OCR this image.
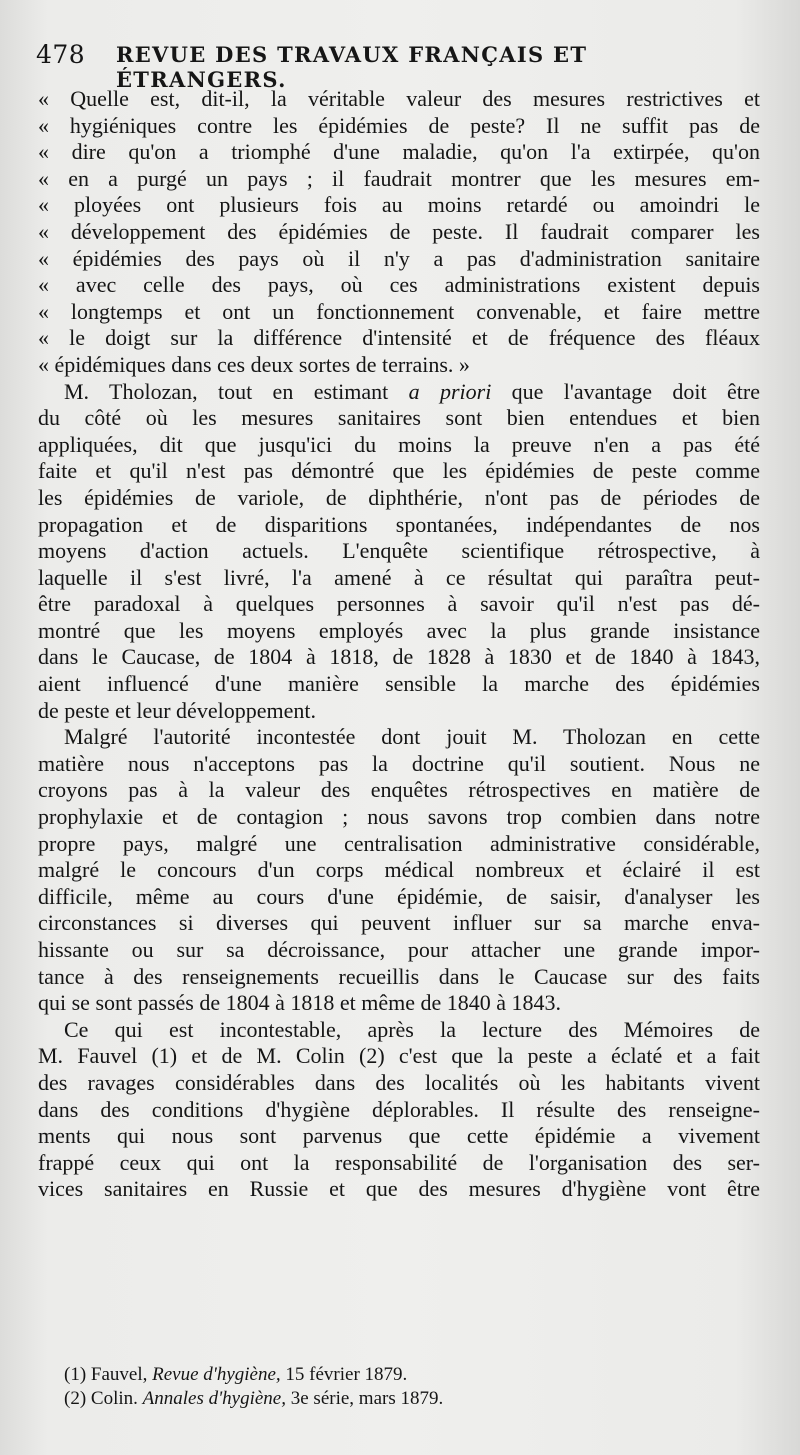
478 REVUE DES TRAVAUX FRANÇAIS ET ÉTRANGERS.
« Quelle est, dit-il, la véritable valeur des mesures restrictives et
« hygiéniques contre les épidémies de peste? Il ne suffit pas de
« dire qu'on a triomphé d'une maladie, qu'on l'a extirpée, qu'on
« en a purgé un pays ; il faudrait montrer que les mesures em-
« ployées ont plusieurs fois au moins retardé ou amoindri le
« développement des épidémies de peste. Il faudrait comparer les
« épidémies des pays où il n'y a pas d'administration sanitaire
« avec celle des pays, où ces administrations existent depuis
« longtemps et ont un fonctionnement convenable, et faire mettre
« le doigt sur la différence d'intensité et de fréquence des fléaux
« épidémiques dans ces deux sortes de terrains. »
M. Tholozan, tout en estimant a priori que l'avantage doit être
du côté où les mesures sanitaires sont bien entendues et bien
appliquées, dit que jusqu'ici du moins la preuve n'en a pas été
faite et qu'il n'est pas démontré que les épidémies de peste comme
les épidémies de variole, de diphthérie, n'ont pas de périodes de
propagation et de disparitions spontanées, indépendantes de nos
moyens d'action actuels. L'enquête scientifique rétrospective, à
laquelle il s'est livré, l'a amené à ce résultat qui paraîtra peut-
être paradoxal à quelques personnes à savoir qu'il n'est pas dé-
montré que les moyens employés avec la plus grande insistance
dans le Caucase, de 1804 à 1818, de 1828 à 1830 et de 1840 à 1843,
aient influencé d'une manière sensible la marche des épidémies
de peste et leur développement.
Malgré l'autorité incontestée dont jouit M. Tholozan en cette
matière nous n'acceptons pas la doctrine qu'il soutient. Nous ne
croyons pas à la valeur des enquêtes rétrospectives en matière de
prophylaxie et de contagion ; nous savons trop combien dans notre
propre pays, malgré une centralisation administrative considérable,
malgré le concours d'un corps médical nombreux et éclairé il est
difficile, même au cours d'une épidémie, de saisir, d'analyser les
circonstances si diverses qui peuvent influer sur sa marche enva-
hissante ou sur sa décroissance, pour attacher une grande impor-
tance à des renseignements recueillis dans le Caucase sur des faits
qui se sont passés de 1804 à 1818 et même de 1840 à 1843.
Ce qui est incontestable, après la lecture des Mémoires de
M. Fauvel (1) et de M. Colin (2) c'est que la peste a éclaté et a fait
des ravages considérables dans des localités où les habitants vivent
dans des conditions d'hygiène déplorables. Il résulte des renseigne-
ments qui nous sont parvenus que cette épidémie a vivement
frappé ceux qui ont la responsabilité de l'organisation des ser-
vices sanitaires en Russie et que des mesures d'hygiène vont être
(1) Fauvel, Revue d'hygiène, 15 février 1879.
(2) Colin. Annales d'hygiène, 3e série, mars 1879.
